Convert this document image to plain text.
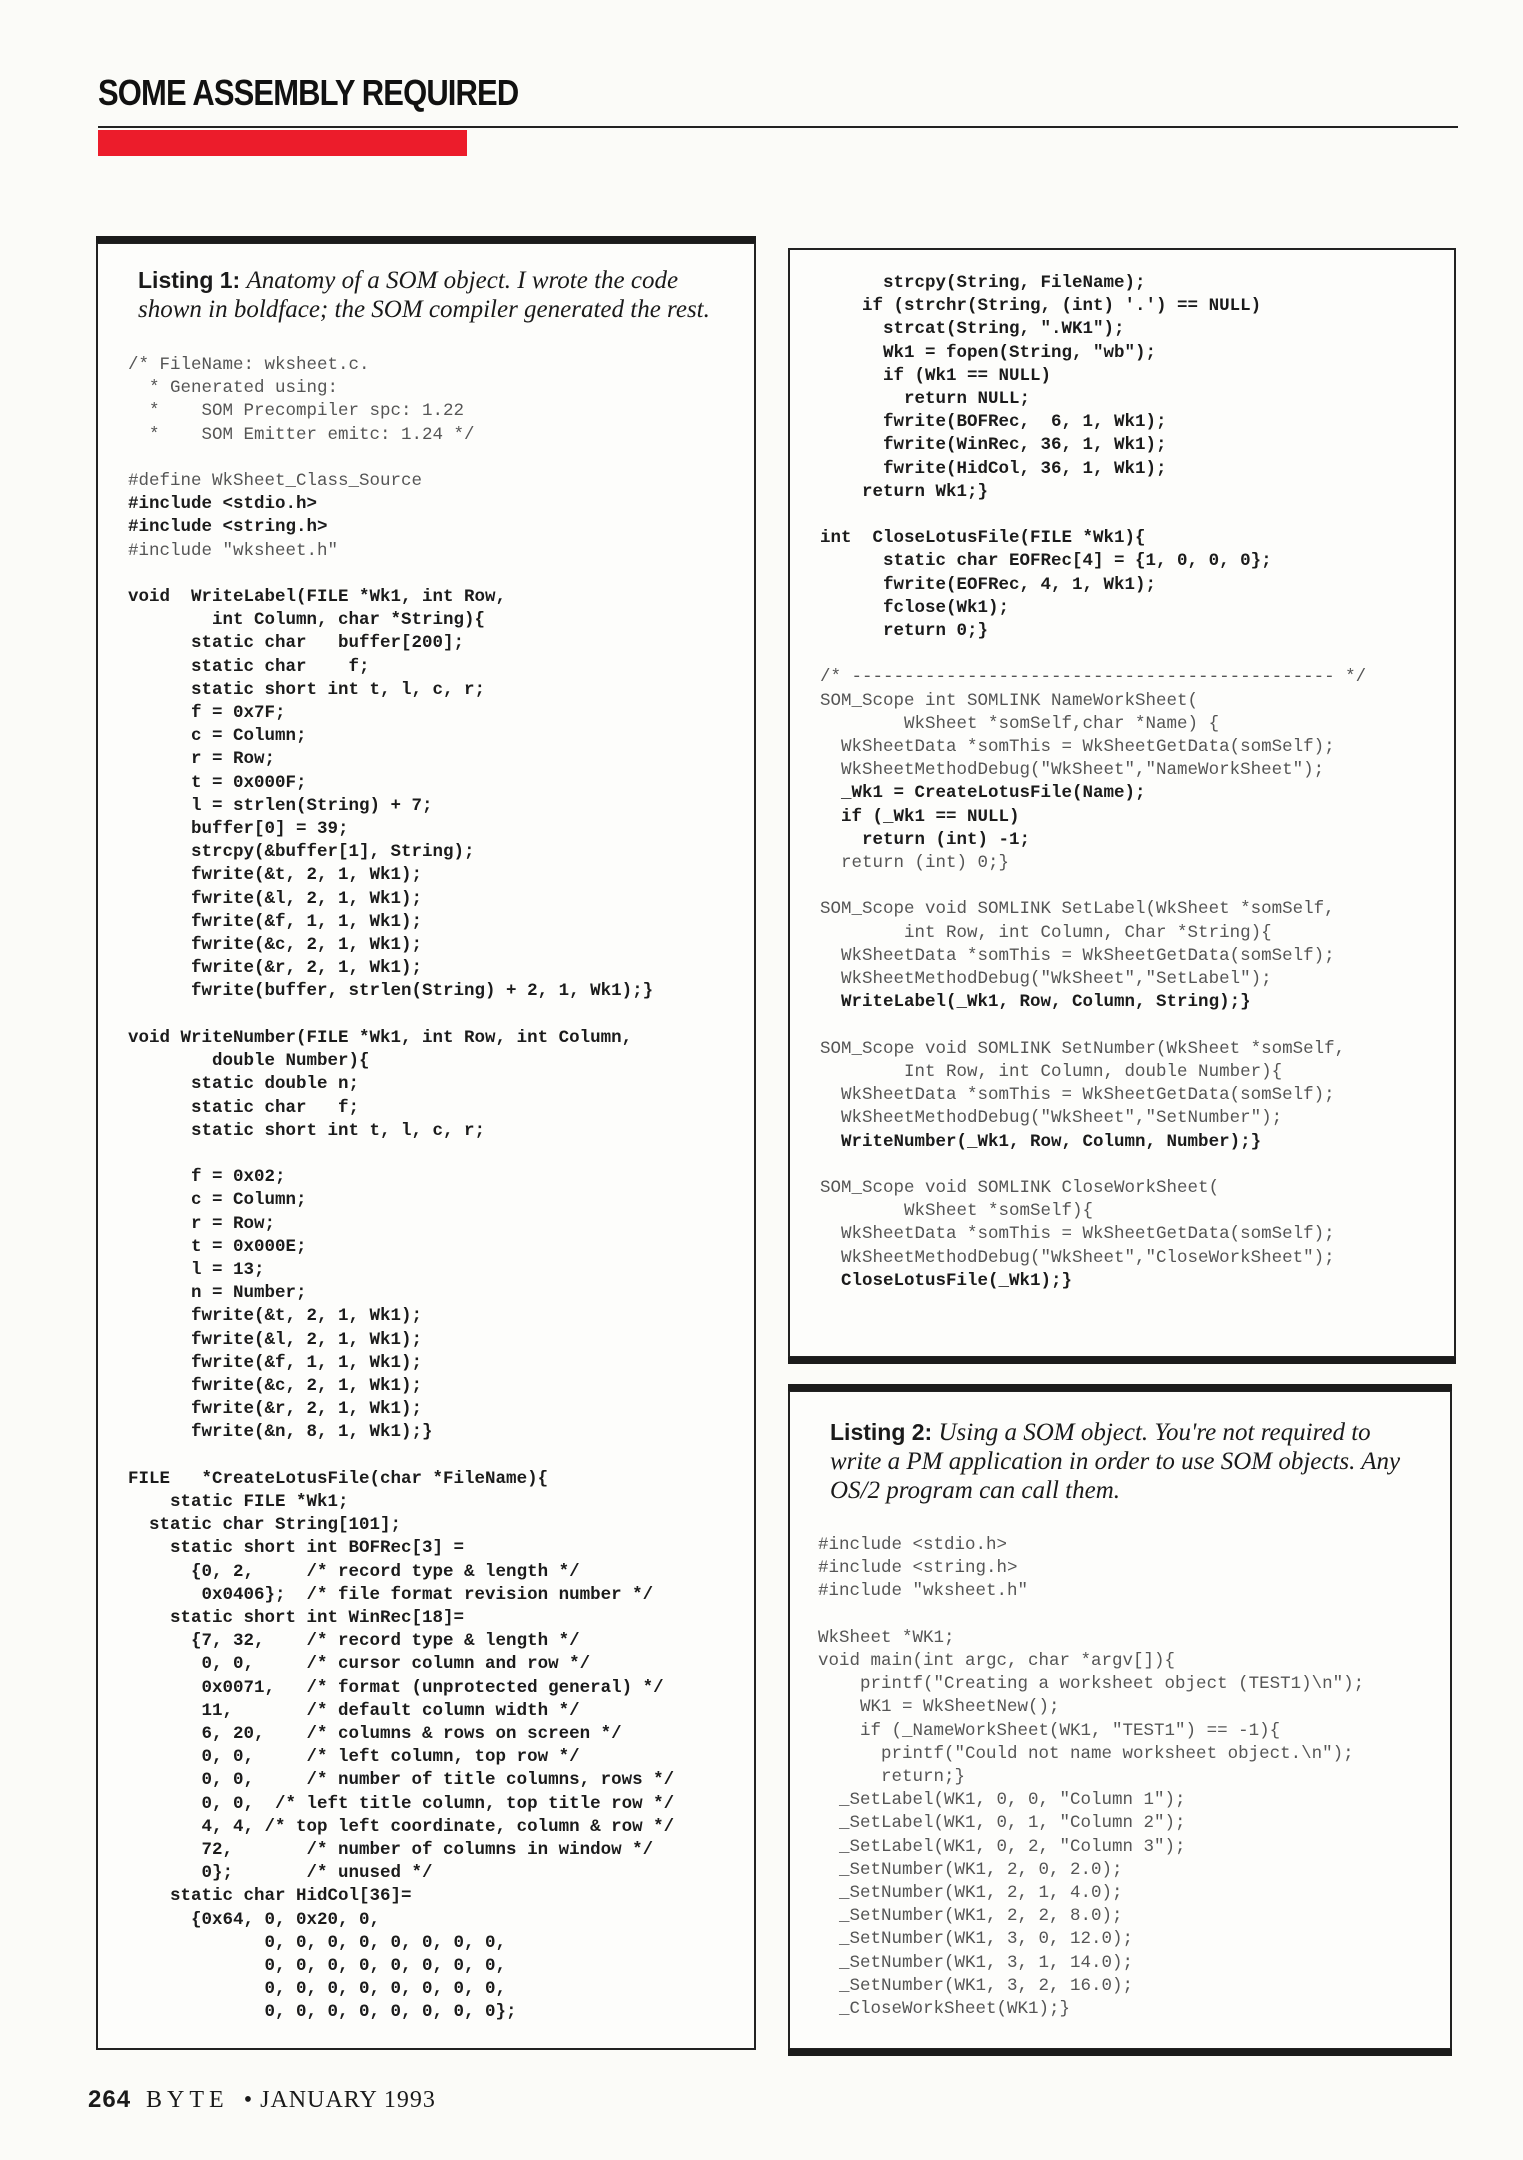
SOME ASSEMBLY REQUIRED
Listing 1: Anatomy of a SOM object. I wrote the code shown in boldface; the SOM compiler generated the rest.
/* FileName: wksheet.c.
* Generated using:
*    SOM Precompiler spc: 1.22
*    SOM Emitter emitc: 1.24 */

#define WkSheet_Class_Source
#include <stdio.h>
#include <string.h>
#include "wksheet.h"

void  WriteLabel(FILE *Wk1, int Row,
int Column, char *String){
static char   buffer[200];
static char    f;
static short int t, l, c, r;
f = 0x7F;
c = Column;
r = Row;
t = 0x000F;
l = strlen(String) + 7;
buffer[0] = 39;
strcpy(&buffer[1], String);
fwrite(&t, 2, 1, Wk1);
fwrite(&l, 2, 1, Wk1);
fwrite(&f, 1, 1, Wk1);
fwrite(&c, 2, 1, Wk1);
fwrite(&r, 2, 1, Wk1);
fwrite(buffer, strlen(String) + 2, 1, Wk1);}

void WriteNumber(FILE *Wk1, int Row, int Column,
double Number){
static double n;
static char   f;
static short int t, l, c, r;

f = 0x02;
c = Column;
r = Row;
t = 0x000E;
l = 13;
n = Number;
fwrite(&t, 2, 1, Wk1);
fwrite(&l, 2, 1, Wk1);
fwrite(&f, 1, 1, Wk1);
fwrite(&c, 2, 1, Wk1);
fwrite(&r, 2, 1, Wk1);
fwrite(&n, 8, 1, Wk1);}

FILE   *CreateLotusFile(char *FileName){
static FILE *Wk1;
static char String[101];
static short int BOFRec[3] =
{0, 2,     /* record type & length */
0x0406};  /* file format revision number */
static short int WinRec[18]=
{7, 32,    /* record type & length */
0, 0,     /* cursor column and row */
0x0071,   /* format (unprotected general) */
11,       /* default column width */
6, 20,    /* columns & rows on screen */
0, 0,     /* left column, top row */
0, 0,     /* number of title columns, rows */
0, 0,  /* left title column, top title row */
4, 4, /* top left coordinate, column & row */
72,       /* number of columns in window */
0};       /* unused */
static char HidCol[36]=
{0x64, 0, 0x20, 0,
0, 0, 0, 0, 0, 0, 0, 0,
0, 0, 0, 0, 0, 0, 0, 0,
0, 0, 0, 0, 0, 0, 0, 0,
0, 0, 0, 0, 0, 0, 0, 0};

strcpy(String, FileName);
if (strchr(String, (int) '.') == NULL)
strcat(String, ".WK1");
Wk1 = fopen(String, "wb");
if (Wk1 == NULL)
return NULL;
fwrite(BOFRec,  6, 1, Wk1);
fwrite(WinRec, 36, 1, Wk1);
fwrite(HidCol, 36, 1, Wk1);
return Wk1;}

int  CloseLotusFile(FILE *Wk1){
static char EOFRec[4] = {1, 0, 0, 0};
fwrite(EOFRec, 4, 1, Wk1);
fclose(Wk1);
return 0;}

/* ---------------------------------------------- */
SOM_Scope int SOMLINK NameWorkSheet(
WkSheet *somSelf,char *Name) {
WkSheetData *somThis = WkSheetGetData(somSelf);
WkSheetMethodDebug("WkSheet","NameWorkSheet");
_Wk1 = CreateLotusFile(Name);
if (_Wk1 == NULL)
return (int) -1;
return (int) 0;}

SOM_Scope void SOMLINK SetLabel(WkSheet *somSelf,
int Row, int Column, Char *String){
WkSheetData *somThis = WkSheetGetData(somSelf);
WkSheetMethodDebug("WkSheet","SetLabel");
WriteLabel(_Wk1, Row, Column, String);}

SOM_Scope void SOMLINK SetNumber(WkSheet *somSelf,
Int Row, int Column, double Number){
WkSheetData *somThis = WkSheetGetData(somSelf);
WkSheetMethodDebug("WkSheet","SetNumber");
WriteNumber(_Wk1, Row, Column, Number);}

SOM_Scope void SOMLINK CloseWorkSheet(
WkSheet *somSelf){
WkSheetData *somThis = WkSheetGetData(somSelf);
WkSheetMethodDebug("WkSheet","CloseWorkSheet");
CloseLotusFile(_Wk1);}

Listing 2: Using a SOM object. You're not required to write a PM application in order to use SOM objects. Any OS/2 program can call them.
#include <stdio.h>
#include <string.h>
#include "wksheet.h"

WkSheet *WK1;
void main(int argc, char *argv[]){
printf("Creating a worksheet object (TEST1)\n");
WK1 = WkSheetNew();
if (_NameWorkSheet(WK1, "TEST1") == -1){
printf("Could not name worksheet object.\n");
return;}
_SetLabel(WK1, 0, 0, "Column 1");
_SetLabel(WK1, 0, 1, "Column 2");
_SetLabel(WK1, 0, 2, "Column 3");
_SetNumber(WK1, 2, 0, 2.0);
_SetNumber(WK1, 2, 1, 4.0);
_SetNumber(WK1, 2, 2, 8.0);
_SetNumber(WK1, 3, 0, 12.0);
_SetNumber(WK1, 3, 1, 14.0);
_SetNumber(WK1, 3, 2, 16.0);
_CloseWorkSheet(WK1);}

264 BYTE • JANUARY 1993
